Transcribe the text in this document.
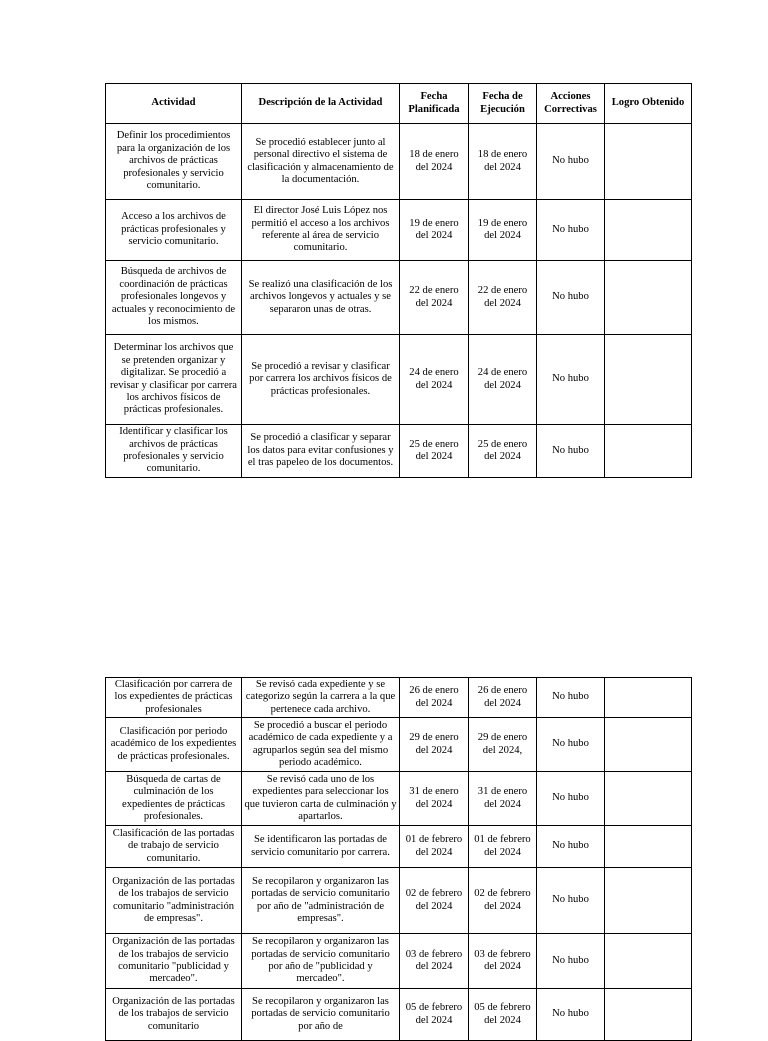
Actividad	Descripción de la Actividad	Fecha Planificada	Fecha de Ejecución	Acciones Correctivas	Logro Obtenido
Definir los procedimientos para la organización de los archivos de prácticas profesionales y servicio comunitario.	Se procedió establecer junto al personal directivo el sistema de clasificación y almacenamiento de la documentación.	18 de enero del 2024	18 de enero del 2024	No hubo	
Acceso a los archivos de prácticas profesionales y servicio comunitario.	El director José Luis López nos permitió el acceso a los archivos referente al área de servicio comunitario.	19 de enero del 2024	19 de enero del 2024	No hubo	
Búsqueda de archivos de coordinación de prácticas profesionales longevos y actuales y reconocimiento de los mismos.	Se realizó una clasificación de los archivos longevos y actuales y se separaron unas de otras.	22 de enero del 2024	22 de enero del 2024	No hubo	
Determinar los archivos que se pretenden organizar y digitalizar. Se procedió a revisar y clasificar por carrera los archivos físicos de prácticas profesionales.	Se procedió a revisar y clasificar por carrera los archivos físicos de prácticas profesionales.	24 de enero del 2024	24 de enero del 2024	No hubo	
Identificar y clasificar los archivos de prácticas profesionales y servicio comunitario.	Se procedió a clasificar y separar los datos para evitar confusiones y el tras papeleo de los documentos.	25 de enero del 2024	25 de enero del 2024	No hubo	
Clasificación por carrera de los expedientes de prácticas profesionales	Se revisó cada expediente y se categorizo según la carrera a la que pertenece cada archivo.	26 de enero del 2024	26 de enero del 2024	No hubo	
Clasificación por periodo académico de los expedientes de prácticas profesionales.	Se procedió a buscar el periodo académico de cada expediente y a agruparlos según sea del mismo periodo académico.	29 de enero del 2024	29 de enero del 2024,	No hubo	
Búsqueda de cartas de culminación de los expedientes de prácticas profesionales.	Se revisó cada uno de los expedientes para seleccionar los que tuvieron carta de culminación y apartarlos.	31 de enero del 2024	31 de enero del 2024	No hubo	
Clasificación de las portadas de trabajo de servicio comunitario.	Se identificaron las portadas de servicio comunitario por carrera.	01 de febrero del 2024	01 de febrero del 2024	No hubo	
Organización de las portadas de los trabajos de servicio comunitario "administración de empresas".	Se recopilaron y organizaron las portadas de servicio comunitario por año de "administración de empresas".	02 de febrero del 2024	02 de febrero del 2024	No hubo	
Organización de las portadas de los trabajos de servicio comunitario "publicidad y mercadeo".	Se recopilaron y organizaron las portadas de servicio comunitario por año de "publicidad y mercadeo".	03 de febrero del 2024	03 de febrero del 2024	No hubo	
Organización de las portadas de los trabajos de servicio comunitario	Se recopilaron y organizaron las portadas de servicio comunitario por año de	05 de febrero del 2024	05 de febrero del 2024	No hubo	
